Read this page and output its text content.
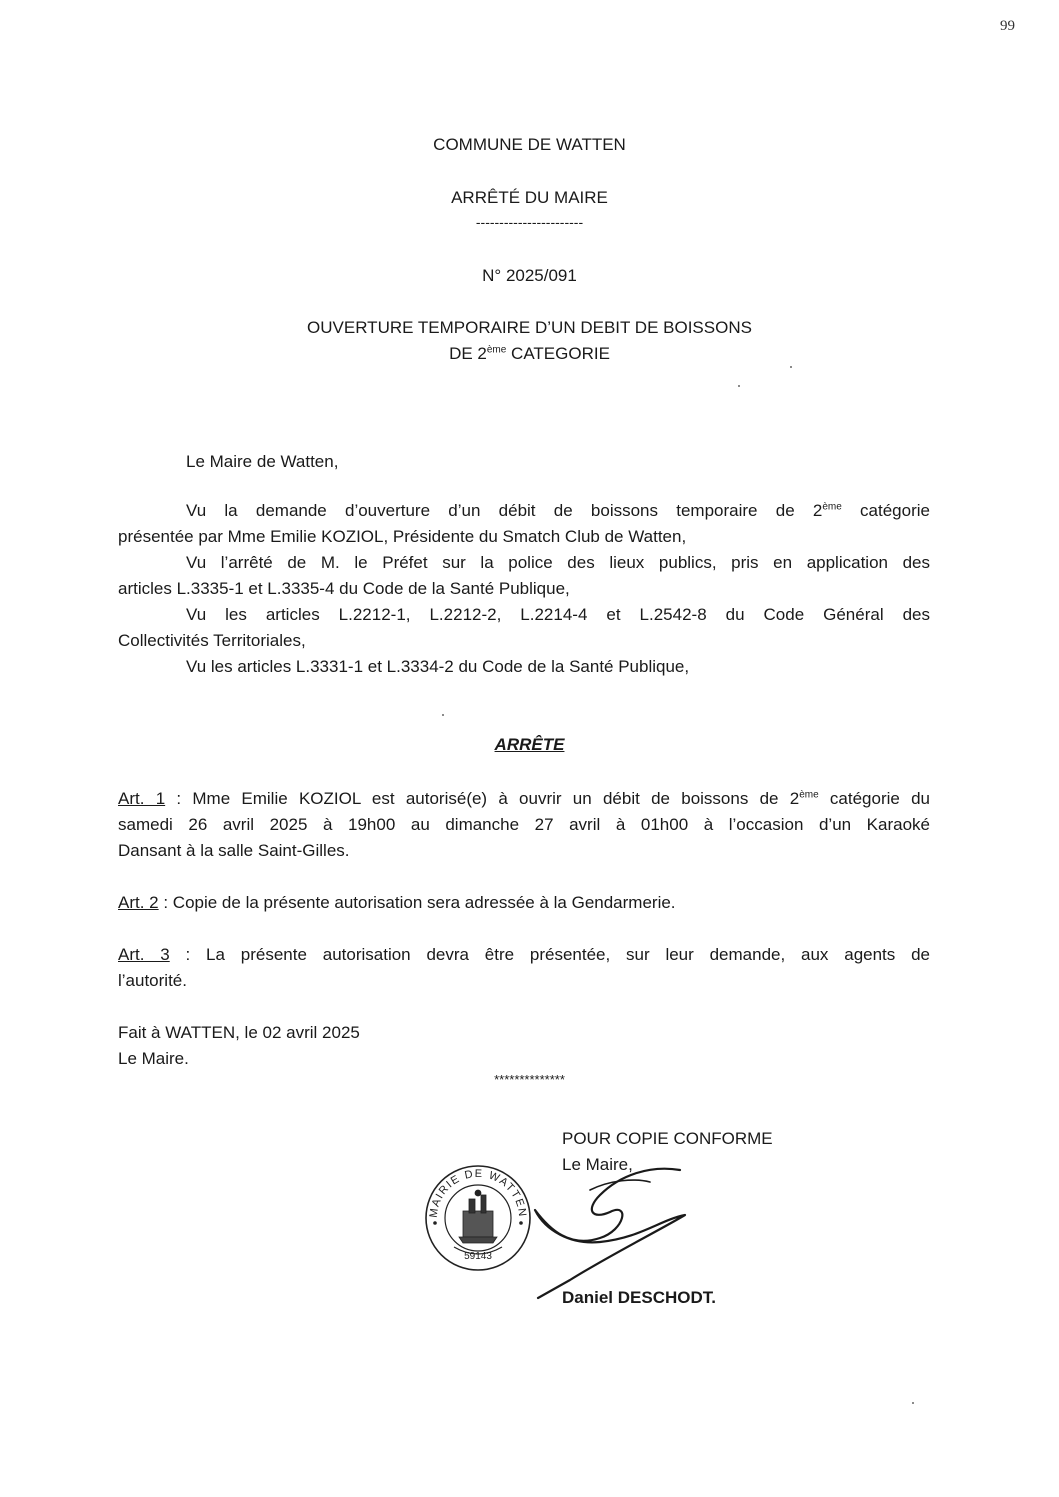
99
COMMUNE DE WATTEN
ARRÊTÉ DU MAIRE
-----------------------
N° 2025/091
OUVERTURE TEMPORAIRE D’UN DEBIT DE BOISSONS
DE 2ème CATEGORIE
Le Maire de Watten,
Vu la demande d’ouverture d’un débit de boissons temporaire de 2ème catégorie
présentée par Mme Emilie KOZIOL, Présidente du Smatch Club de Watten,
Vu l’arrêté de M. le Préfet sur la police des lieux publics, pris en application des
articles L.3335-1 et L.3335-4 du Code de la Santé Publique,
Vu les articles L.2212-1, L.2212-2, L.2214-4 et L.2542-8 du Code Général des
Collectivités Territoriales,
Vu les articles L.3331-1 et L.3334-2 du Code de la Santé Publique,
ARRÊTE
Art. 1 : Mme Emilie KOZIOL est autorisé(e) à ouvrir un débit de boissons de 2ème catégorie du
samedi 26 avril 2025 à 19h00 au dimanche 27 avril à 01h00 à l’occasion d’un Karaoké
Dansant à la salle Saint-Gilles.
Art. 2 : Copie de la présente autorisation sera adressée à la Gendarmerie.
Art. 3 : La présente autorisation devra être présentée, sur leur demande, aux agents de
l’autorité.
Fait à WATTEN, le 02 avril 2025
Le Maire.
**************
POUR COPIE CONFORME
Le Maire,
MAIRIE DE WATTEN
59143
Daniel DESCHODT.
